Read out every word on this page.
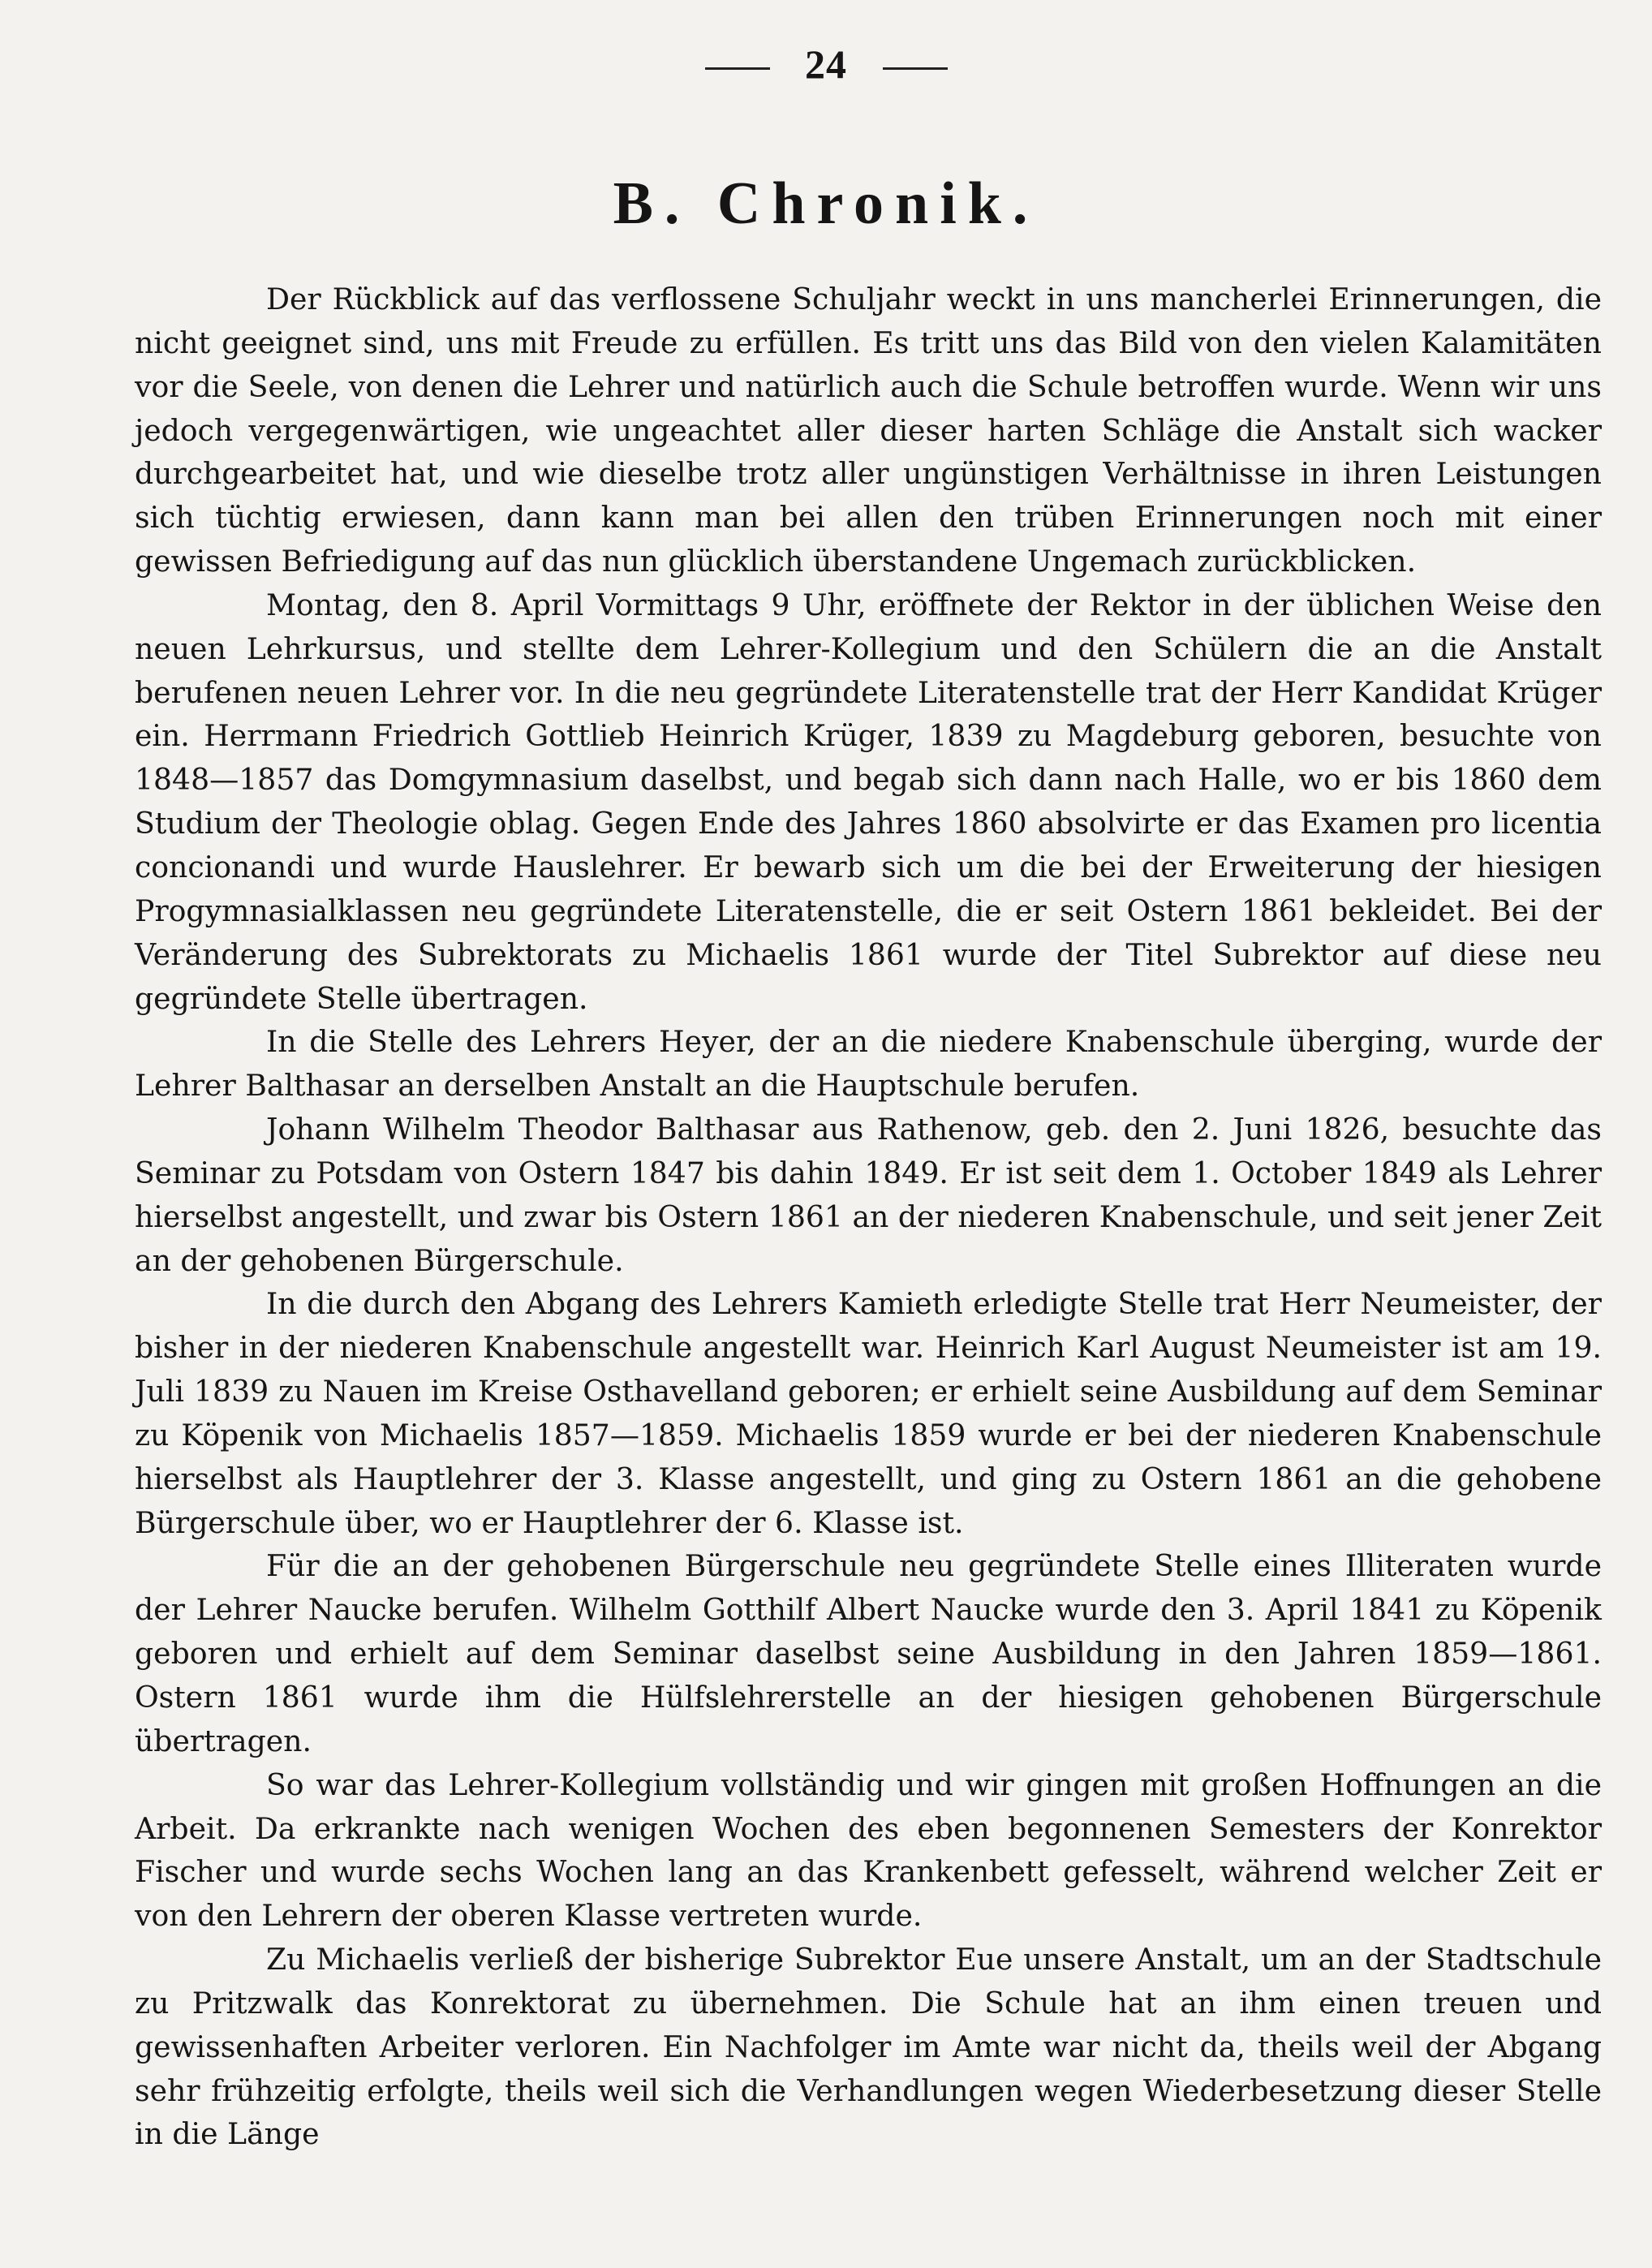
24
B. Chronik.

Der Rückblick auf das verflossene Schuljahr weckt in uns mancherlei Erinnerungen, die nicht geeignet sind, uns mit Freude zu erfüllen. Es tritt uns das Bild von den vielen Kalamitäten vor die Seele, von denen die Lehrer und natürlich auch die Schule betroffen wurde. Wenn wir uns jedoch vergegenwärtigen, wie ungeachtet aller dieser harten Schläge die Anstalt sich wacker durchgearbeitet hat, und wie dieselbe trotz aller ungünstigen Verhältnisse in ihren Leistungen sich tüchtig erwiesen, dann kann man bei allen den trüben Erinnerungen noch mit einer gewissen Befriedigung auf das nun glücklich überstandene Ungemach zurückblicken.

Montag, den 8. April Vormittags 9 Uhr, eröffnete der Rektor in der üblichen Weise den neuen Lehrkursus, und stellte dem Lehrer-Kollegium und den Schülern die an die Anstalt berufenen neuen Lehrer vor. In die neu gegründete Literatenstelle trat der Herr Kandidat Krüger ein. Herrmann Friedrich Gottlieb Heinrich Krüger, 1839 zu Magdeburg geboren, besuchte von 1848—1857 das Domgymnasium daselbst, und begab sich dann nach Halle, wo er bis 1860 dem Studium der Theologie oblag. Gegen Ende des Jahres 1860 absolvirte er das Examen pro licentia concionandi und wurde Hauslehrer. Er bewarb sich um die bei der Erweiterung der hiesigen Progymnasialklassen neu gegründete Literatenstelle, die er seit Ostern 1861 bekleidet. Bei der Veränderung des Subrektorats zu Michaelis 1861 wurde der Titel Subrektor auf diese neu gegründete Stelle übertragen.

In die Stelle des Lehrers Heyer, der an die niedere Knabenschule überging, wurde der Lehrer Balthasar an derselben Anstalt an die Hauptschule berufen.

Johann Wilhelm Theodor Balthasar aus Rathenow, geb. den 2. Juni 1826, besuchte das Seminar zu Potsdam von Ostern 1847 bis dahin 1849. Er ist seit dem 1. October 1849 als Lehrer hierselbst angestellt, und zwar bis Ostern 1861 an der niederen Knabenschule, und seit jener Zeit an der gehobenen Bürgerschule.

In die durch den Abgang des Lehrers Kamieth erledigte Stelle trat Herr Neumeister, der bisher in der niederen Knabenschule angestellt war. Heinrich Karl August Neumeister ist am 19. Juli 1839 zu Nauen im Kreise Osthavelland geboren; er erhielt seine Ausbildung auf dem Seminar zu Köpenik von Michaelis 1857—1859. Michaelis 1859 wurde er bei der niederen Knabenschule hierselbst als Hauptlehrer der 3. Klasse angestellt, und ging zu Ostern 1861 an die gehobene Bürgerschule über, wo er Hauptlehrer der 6. Klasse ist.

Für die an der gehobenen Bürgerschule neu gegründete Stelle eines Illiteraten wurde der Lehrer Naucke berufen. Wilhelm Gotthilf Albert Naucke wurde den 3. April 1841 zu Köpenik geboren und erhielt auf dem Seminar daselbst seine Ausbildung in den Jahren 1859—1861. Ostern 1861 wurde ihm die Hülfslehrerstelle an der hiesigen gehobenen Bürgerschule übertragen.

So war das Lehrer-Kollegium vollständig und wir gingen mit großen Hoffnungen an die Arbeit. Da erkrankte nach wenigen Wochen des eben begonnenen Semesters der Konrektor Fischer und wurde sechs Wochen lang an das Krankenbett gefesselt, während welcher Zeit er von den Lehrern der oberen Klasse vertreten wurde.

Zu Michaelis verließ der bisherige Subrektor Eue unsere Anstalt, um an der Stadtschule zu Pritzwalk das Konrektorat zu übernehmen. Die Schule hat an ihm einen treuen und gewissenhaften Arbeiter verloren. Ein Nachfolger im Amte war nicht da, theils weil der Abgang sehr frühzeitig erfolgte, theils weil sich die Verhandlungen wegen Wiederbesetzung dieser Stelle in die Länge
